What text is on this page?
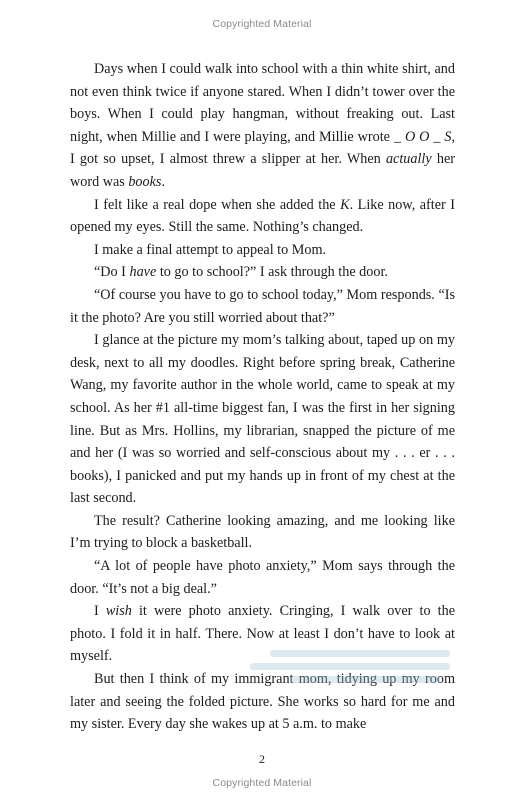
Copyrighted Material

Days when I could walk into school with a thin white shirt, and not even think twice if anyone stared. When I didn’t tower over the boys. When I could play hangman, without freaking out. Last night, when Millie and I were playing, and Millie wrote _ O O _ S, I got so upset, I almost threw a slipper at her. When actually her word was books.

I felt like a real dope when she added the K. Like now, after I opened my eyes. Still the same. Nothing’s changed.

I make a final attempt to appeal to Mom.

“Do I have to go to school?” I ask through the door.

“Of course you have to go to school today,” Mom responds. “Is it the photo? Are you still worried about that?”

I glance at the picture my mom’s talking about, taped up on my desk, next to all my doodles. Right before spring break, Catherine Wang, my favorite author in the whole world, came to speak at my school. As her #1 all-time biggest fan, I was the first in her signing line. But as Mrs. Hollins, my librarian, snapped the picture of me and her (I was so worried and self-conscious about my . . . er . . . books), I panicked and put my hands up in front of my chest at the last second.

The result? Catherine looking amazing, and me looking like I’m trying to block a basketball.

“A lot of people have photo anxiety,” Mom says through the door. “It’s not a big deal.”

I wish it were photo anxiety. Cringing, I walk over to the photo. I fold it in half. There. Now at least I don’t have to look at myself.

But then I think of my immigrant mom, tidying up my room later and seeing the folded picture. She works so hard for me and my sister. Every day she wakes up at 5 a.m. to make

2
Copyrighted Material
